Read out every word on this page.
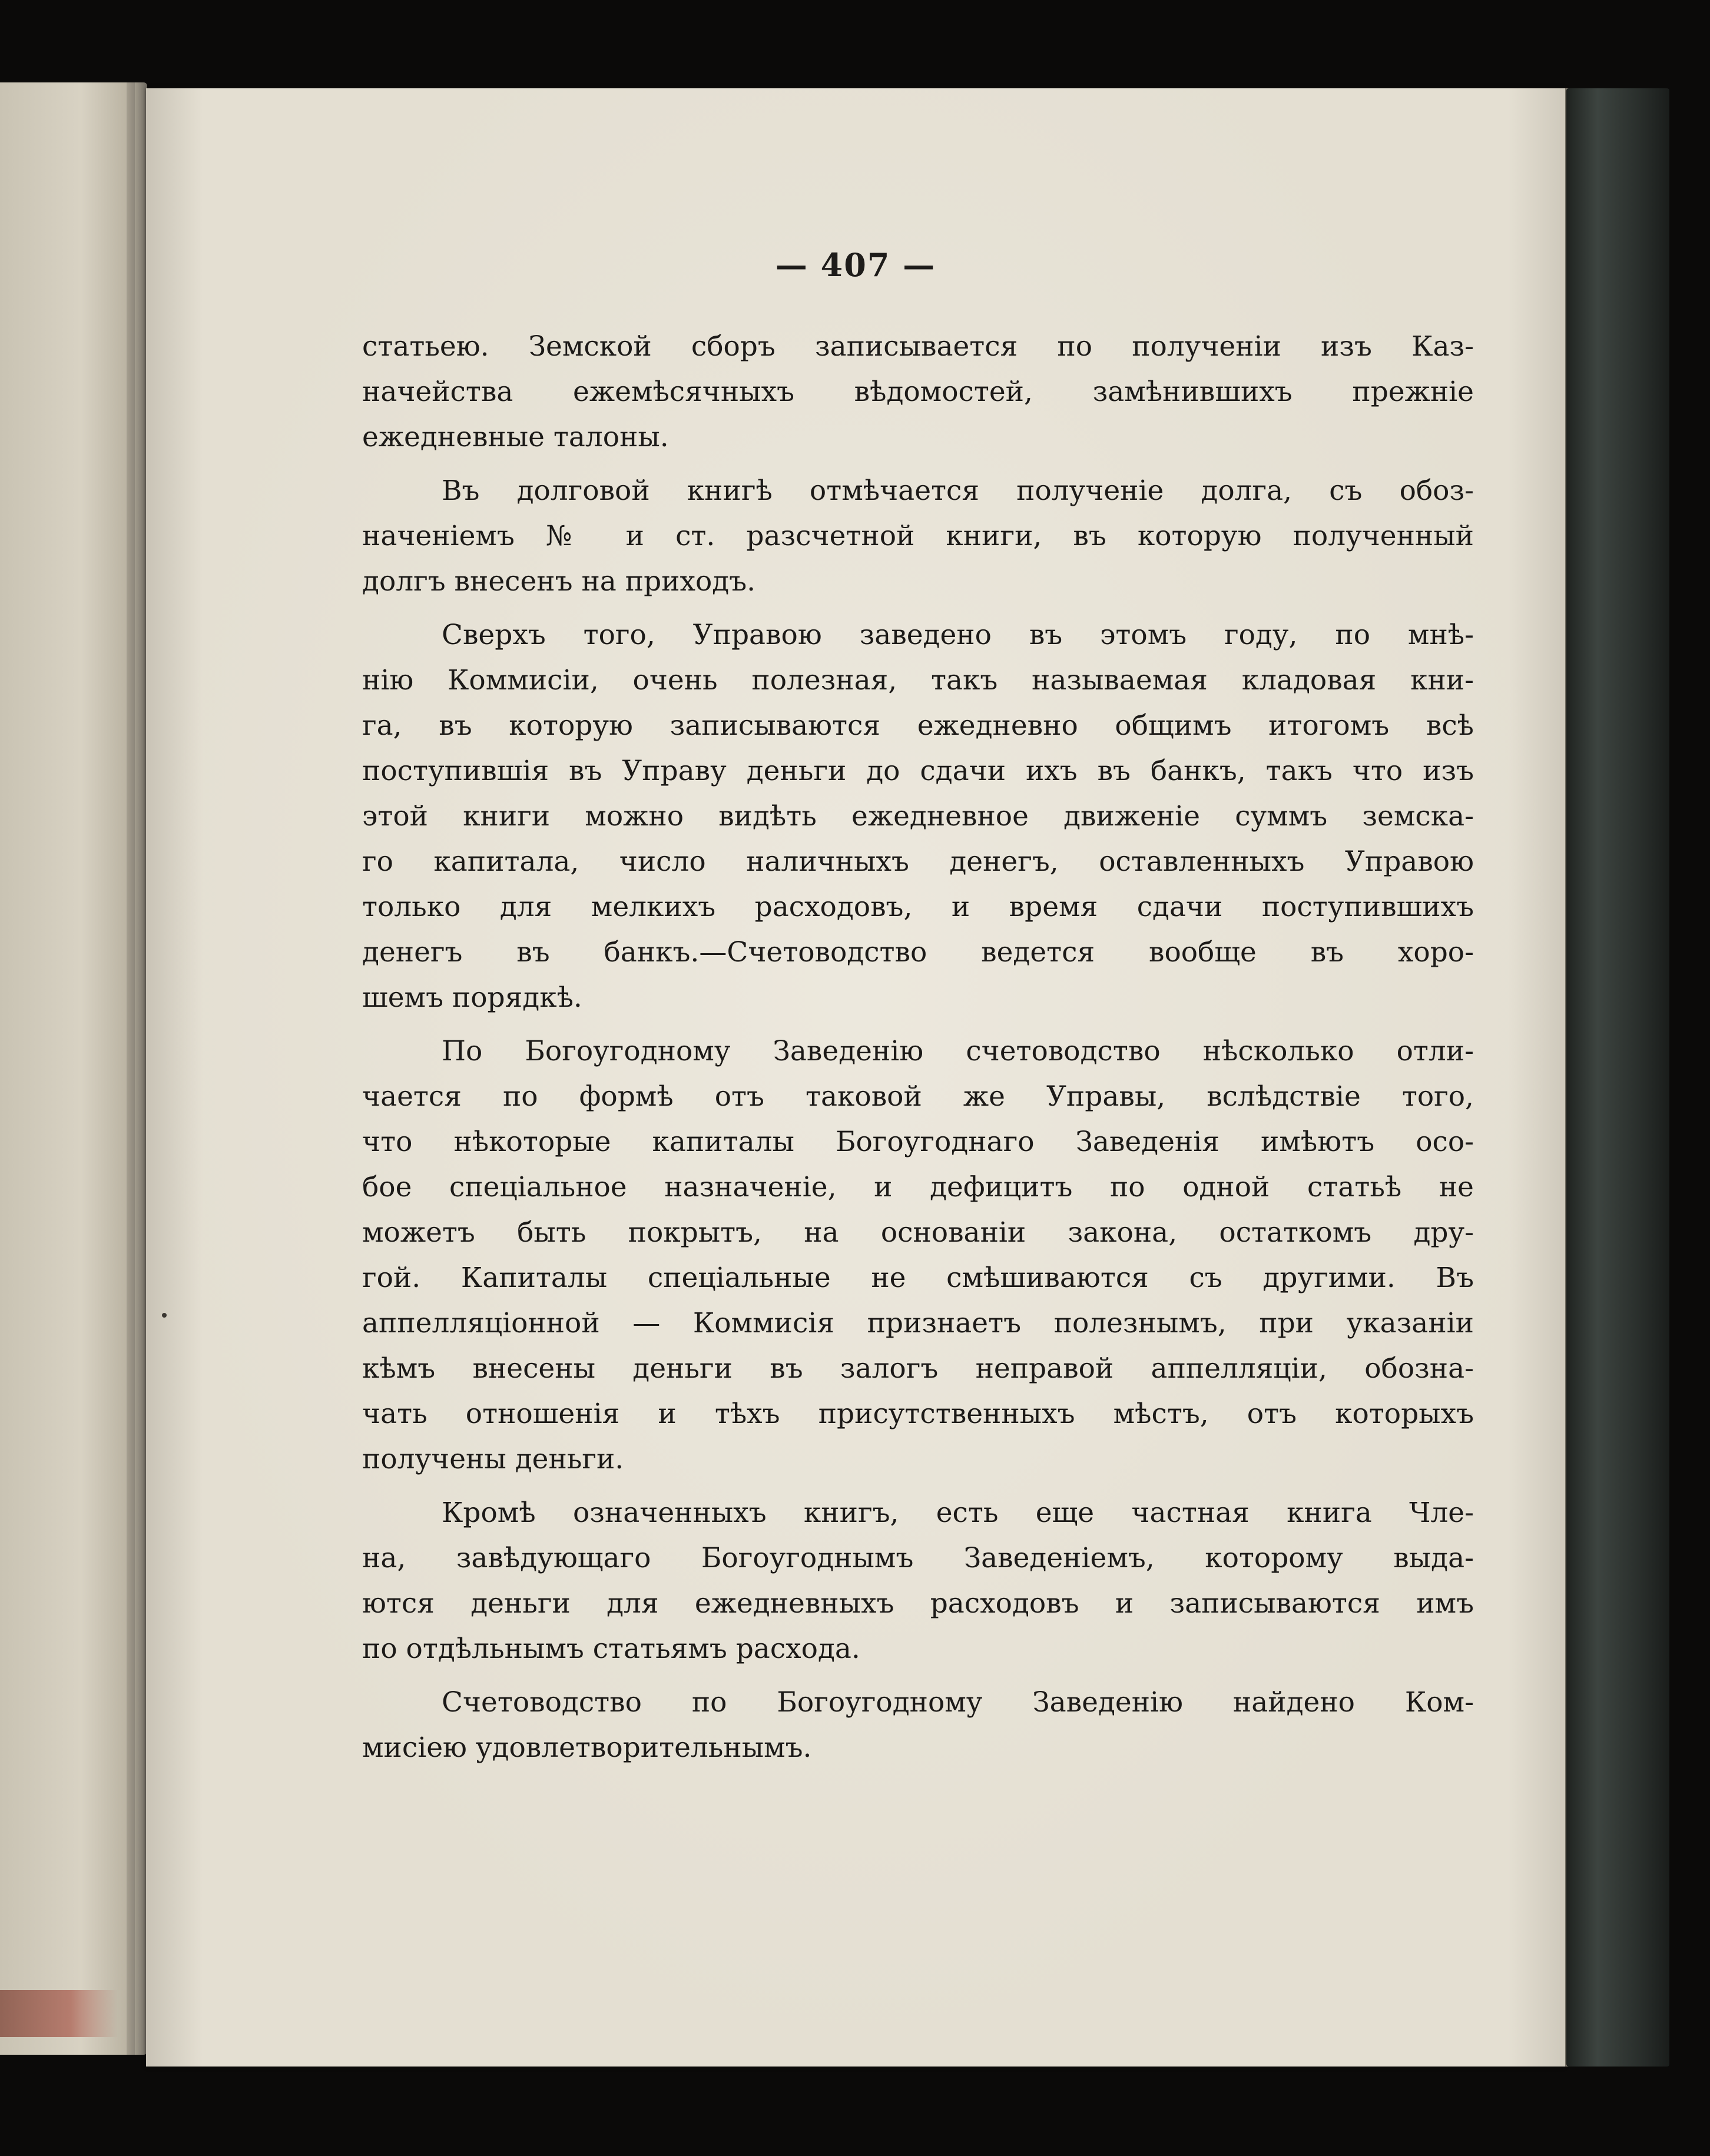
— 407 —
статьею. Земской сборъ записывается по полученіи изъ Каз-
начейства ежемѣсячныхъ вѣдомостей, замѣнившихъ прежніе
ежедневные талоны.
Въ долговой книгѣ отмѣчается полученіе долга, съ обоз-
наченіемъ № и ст. разсчетной книги, въ которую полученный
долгъ внесенъ на приходъ.
Сверхъ того, Управою заведено въ этомъ году, по мнѣ-
нію Коммисіи, очень полезная, такъ называемая кладовая кни-
га, въ которую записываются ежедневно общимъ итогомъ всѣ
поступившія въ Управу деньги до сдачи ихъ въ банкъ, такъ что изъ
этой книги можно видѣть ежедневное движеніе суммъ земска-
го капитала, число наличныхъ денегъ, оставленныхъ Управою
только для мелкихъ расходовъ, и время сдачи поступившихъ
денегъ въ банкъ.—Счетоводство ведется вообще въ хоро-
шемъ порядкѣ.
По Богоугодному Заведенію счетоводство нѣсколько отли-
чается по формѣ отъ таковой же Управы, вслѣдствіе того,
что нѣкоторые капиталы Богоугоднаго Заведенія имѣютъ осо-
бое спеціальное назначеніе, и дефицитъ по одной статьѣ не
можетъ быть покрытъ, на основаніи закона, остаткомъ дру-
гой. Капиталы спеціальные не смѣшиваются съ другими. Въ
аппелляціонной — Коммисія признаетъ полезнымъ, при указаніи
кѣмъ внесены деньги въ залогъ неправой аппелляціи, обозна-
чать отношенія и тѣхъ присутственныхъ мѣстъ, отъ которыхъ
получены деньги.
Кромѣ означенныхъ книгъ, есть еще частная книга Чле-
на, завѣдующаго Богоугоднымъ Заведеніемъ, которому выда-
ются деньги для ежедневныхъ расходовъ и записываются имъ
по отдѣльнымъ статьямъ расхода.
Счетоводство по Богоугодному Заведенію найдено Ком-
мисіею удовлетворительнымъ.
